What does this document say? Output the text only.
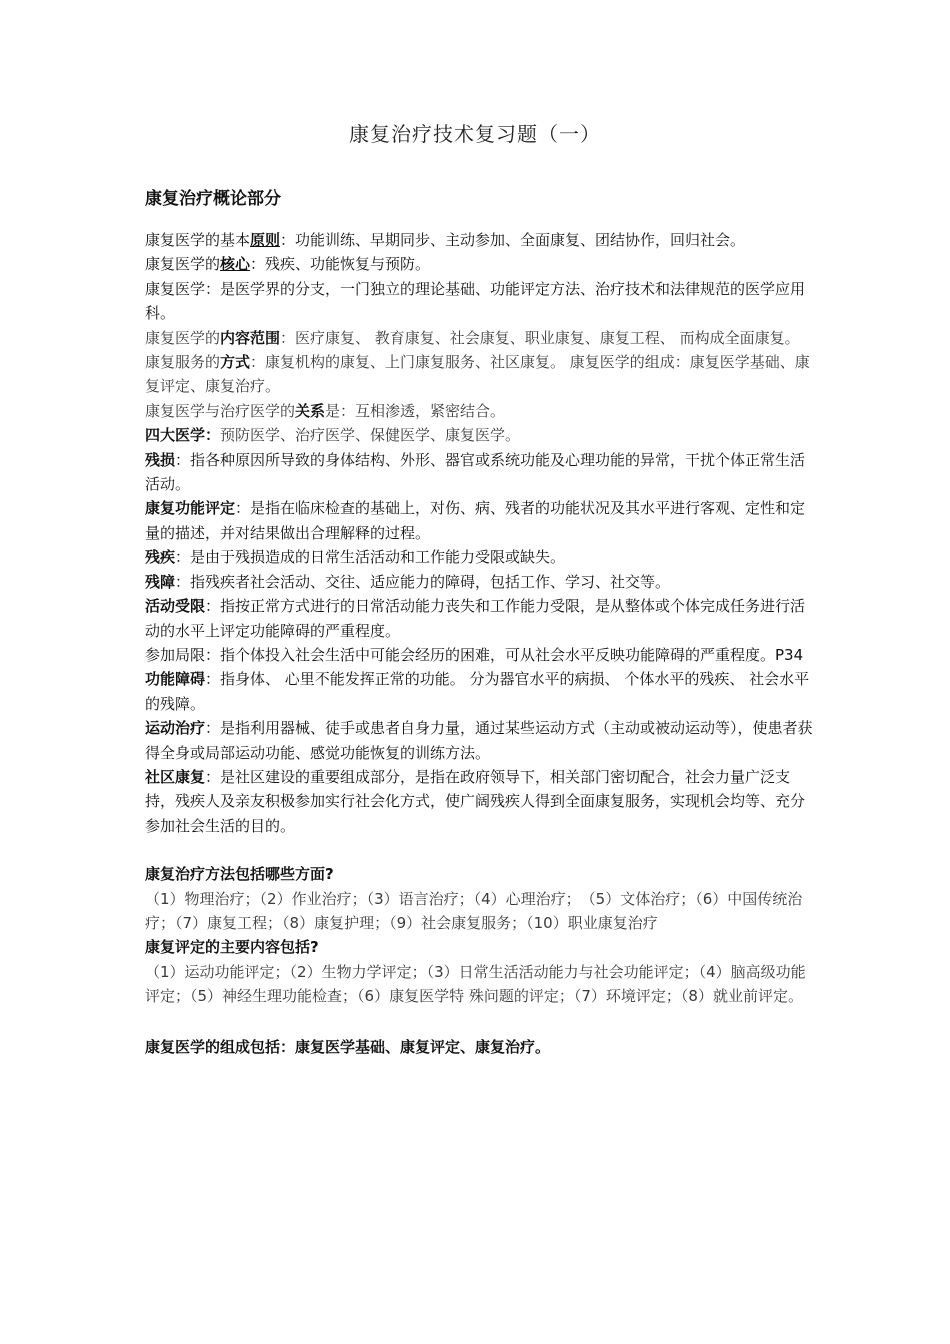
康复治疗技术复习题（一）
康复治疗概论部分

康复医学的基本原则：功能训练、早期同步、主动参加、全面康复、团结协作，回归社会。

康复医学的核心：残疾、功能恢复与预防。

康复医学：是医学界的分支，一门独立的理论基础、功能评定方法、治疗技术和法律规范的医学应用科。

康复医学的内容范围：医疗康复、 教育康复、社会康复、职业康复、康复工程、 而构成全面康复。

康复服务的方式：康复机构的康复、上门康复服务、社区康复。 康复医学的组成：康复医学基础、康复评定、康复治疗。

康复医学与治疗医学的关系是：互相渗透，紧密结合。

四大医学：预防医学、治疗医学、保健医学、康复医学。

残损：指各种原因所导致的身体结构、外形、器官或系统功能及心理功能的异常，干扰个体正常生活活动。

康复功能评定：是指在临床检查的基础上，对伤、病、残者的功能状况及其水平进行客观、定性和定量的描述，并对结果做出合理解释的过程。

残疾：是由于残损造成的日常生活活动和工作能力受限或缺失。

残障：指残疾者社会活动、交往、适应能力的障碍，包括工作、学习、社交等。

活动受限：指按正常方式进行的日常活动能力丧失和工作能力受限，是从整体或个体完成任务进行活动的水平上评定功能障碍的严重程度。

参加局限：指个体投入社会生活中可能会经历的困难，可从社会水平反映功能障碍的严重程度。P34

功能障碍：指身体、 心里不能发挥正常的功能。 分为器官水平的病损、 个体水平的残疾、 社会水平的残障。

运动治疗：是指利用器械、徒手或患者自身力量，通过某些运动方式（主动或被动运动等），使患者获得全身或局部运动功能、感觉功能恢复的训练方法。

社区康复：是社区建设的重要组成部分，是指在政府领导下，相关部门密切配合，社会力量广泛支持，残疾人及亲友积极参加实行社会化方式，使广阔残疾人得到全面康复服务，实现机会均等、充分参加社会生活的目的。

康复治疗方法包括哪些方面?

（1）物理治疗；（2）作业治疗；（3）语言治疗；（4）心理治疗；　（5）文体治疗；（6）中国传统治疗；（7）康复工程；（8）康复护理；（9）社会康复服务；（10）职业康复治疗

康复评定的主要内容包括?

（1）运动功能评定；（2）生物力学评定；（3）日常生活活动能力与社会功能评定；（4）脑高级功能评定；（5）神经生理功能检查；（6）康复医学特 殊问题的评定；（7）环境评定；（8）就业前评定。

康复医学的组成包括：康复医学基础、康复评定、康复治疗。
